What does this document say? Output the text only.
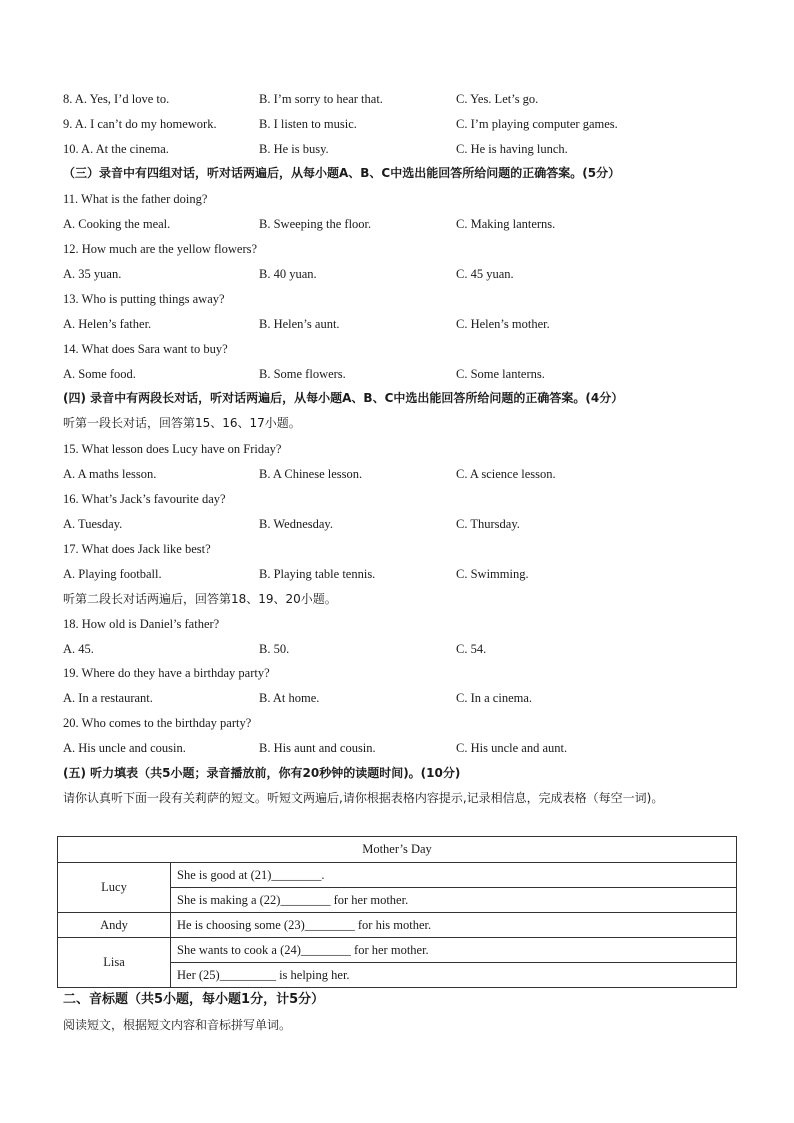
8. A. Yes, I’d love to.	B. I’m sorry to hear that.	C. Yes. Let’s go.
9. A. I can’t do my homework.	B. I listen to music.	C. I’m playing computer games.
10. A. At the cinema.	B. He is busy.	C. He is having lunch.
（三）录音中有四组对话，听对话两遍后，从每小题A、B、C中选出能回答所给问题的正确答案。(5分）
11. What is the father doing?
A. Cooking the meal.	B. Sweeping the floor.	C. Making lanterns.
12. How much are the yellow flowers?
A. 35 yuan.	B. 40 yuan.	C. 45 yuan.
13. Who is putting things away?
A. Helen’s father.	B. Helen’s aunt.	C. Helen’s mother.
14. What does Sara want to buy?
A. Some food.	B. Some flowers.	C. Some lanterns.
(四) 录音中有两段长对话，听对话两遍后，从每小题A、B、C中选出能回答所给问题的正确答案。(4分）
听第一段长对话，回答第15、16、17小题。
15. What lesson does Lucy have on Friday?
A. A maths lesson.	B. A Chinese lesson.	C. A science lesson.
16. What’s Jack’s favourite day?
A. Tuesday.	B. Wednesday.	C. Thursday.
17. What does Jack like best?
A. Playing football.	B. Playing table tennis.	C. Swimming.
听第二段长对话两遍后，回答第18、19、20小题。
18. How old is Daniel’s father?
A. 45.	B. 50.	C. 54.
19. Where do they have a birthday party?
A. In a restaurant.	B. At home.	C. In a cinema.
20. Who comes to the birthday party?
A. His uncle and cousin.	B. His aunt and cousin.	C. His uncle and aunt.
(五) 听力填表（共5小题；录音播放前，你有20秒钟的读题时间)。(10分)
请你认真听下面一段有关莉萨的短文。听短文两遍后,请你根据表格内容提示,记录相信息，完成表格（每空一词)。
Mother’s Day	
Lucy	She is good at (21)________.
	She is making a (22)________ for her mother.
Andy	He is choosing some (23)________ for his mother.
Lisa	She wants to cook a (24)________ for her mother.
	Her (25)_________ is helping her.
二、音标题（共5小题，每小题1分，计5分）
阅读短文，根据短文内容和音标拼写单词。
